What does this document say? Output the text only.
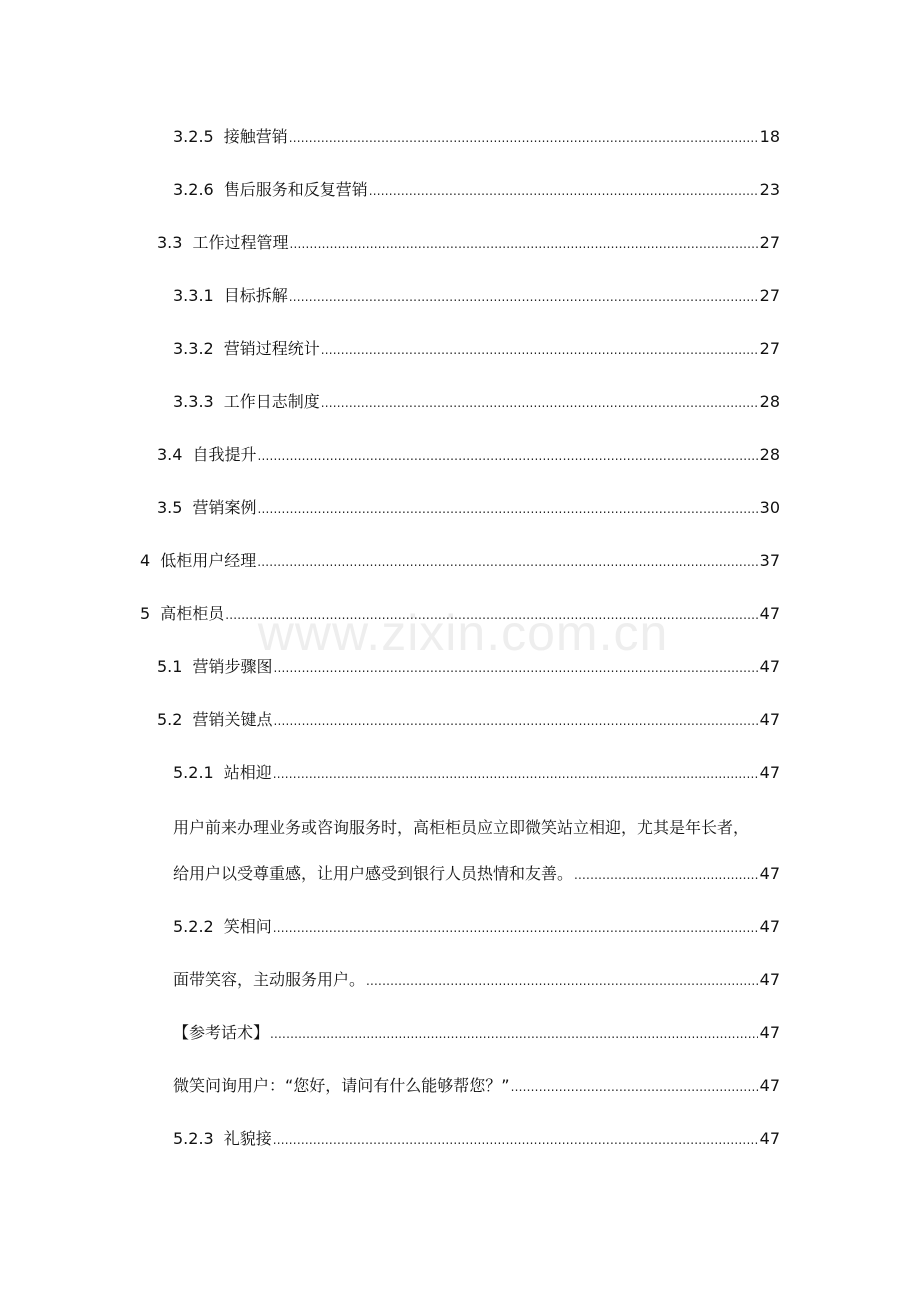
www.zixin.com.cn
3.2.5 接触营销 .....	18
3.2.6 售后服务和反复营销 .....	23
3.3 工作过程管理 .....	27
3.3.1 目标拆解 .....	27
3.3.2 营销过程统计 .....	27
3.3.3 工作日志制度 .....	28
3.4 自我提升 .....	28
3.5 营销案例 .....	30
4 低柜用户经理 .....	37
5 高柜柜员 .....	47
5.1 营销步骤图 .....	47
5.2 营销关键点 .....	47
5.2.1 站相迎 .....	47
用户前来办理业务或咨询服务时，高柜柜员应立即微笑站立相迎，尤其是年长者，
给用户以受尊重感，让用户感受到银行人员热情和友善。 .....	47
5.2.2 笑相问 .....	47
面带笑容，主动服务用户。 .....	47
【参考话术】 .....	47
微笑问询用户：“您好，请问有什么能够帮您？” .....	47
5.2.3 礼貌接 .....	47
